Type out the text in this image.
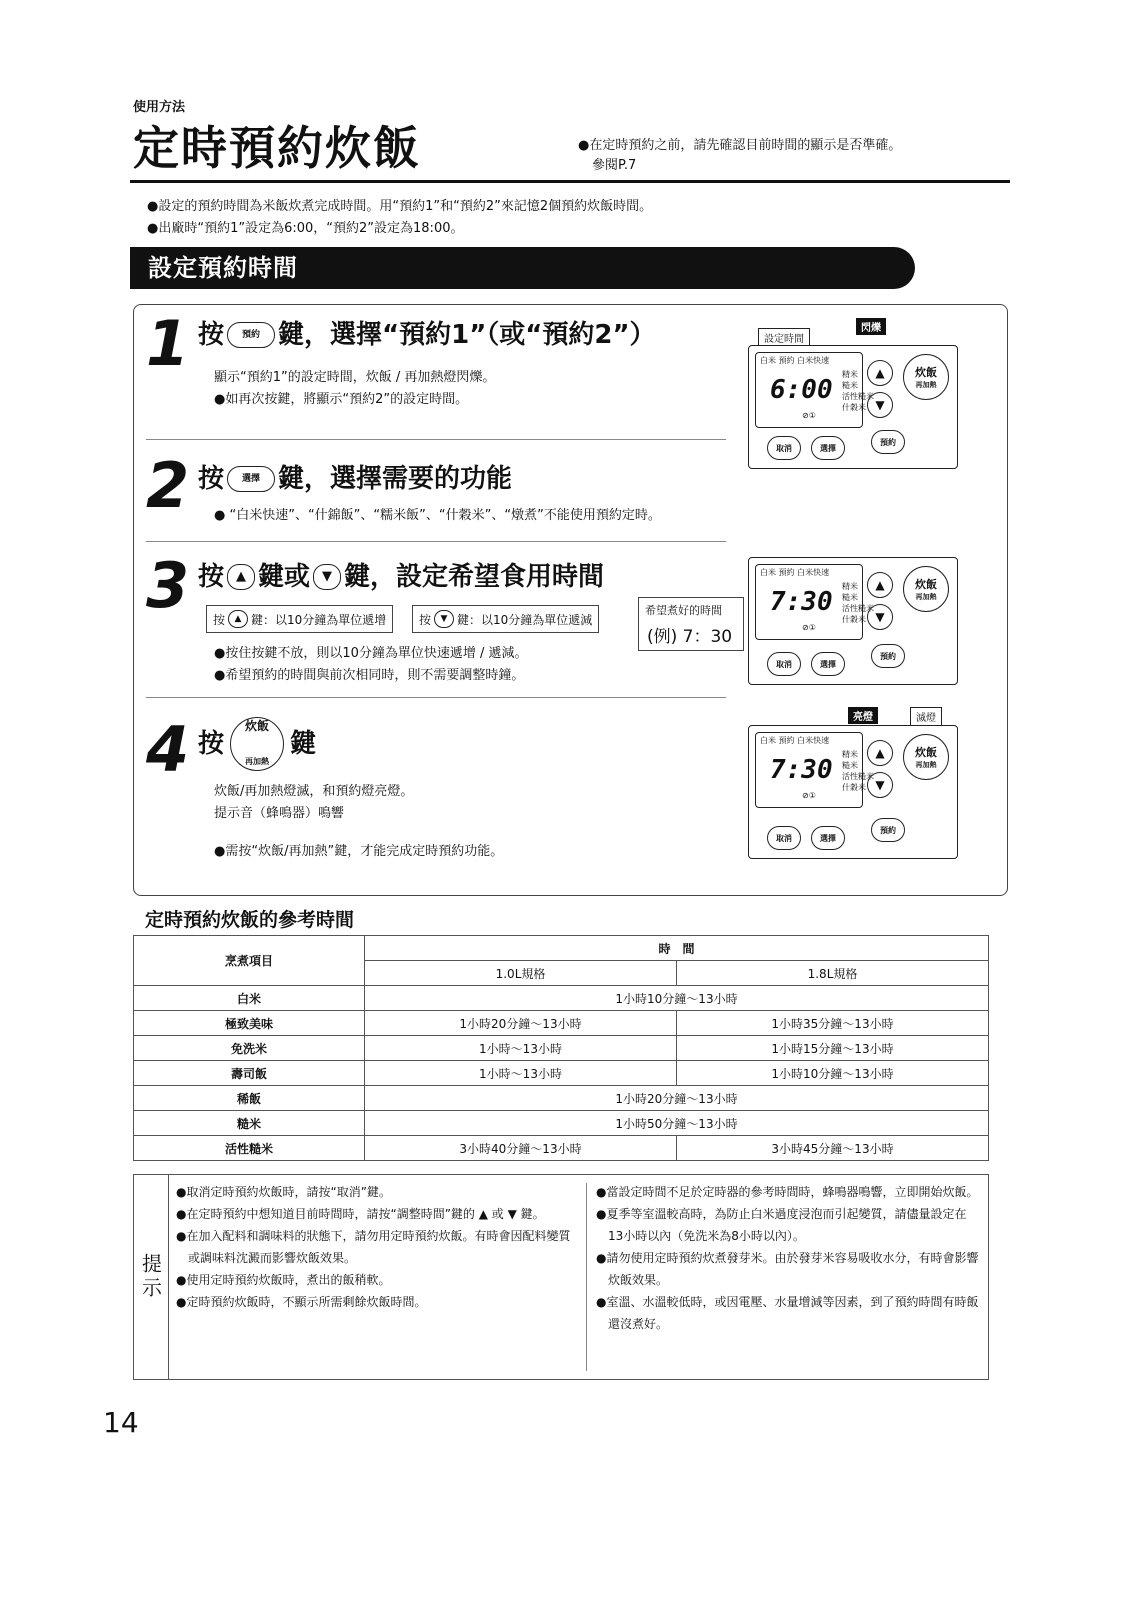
使用方法
定時預約炊飯	●在定時預約之前，請先確認目前時間的顯示是否準確。
參閱P.7
●設定的預約時間為米飯炊煮完成時間。用“預約1”和“預約2”來記憶2個預約炊飯時間。
●出廠時“預約1”設定為6:00，“預約2”設定為18:00。
設定預約時間
1 按	預約 鍵，選擇“預約1”（或“預約2”）
顯示“預約1”的設定時間，炊飯 / 再加熱燈閃爍。
●如再次按鍵，將顯示“預約2”的設定時間。
設定時間
閃爍
白米 預約 白米快速
6:00
⊘①
精米
糙米
活性糙米
什穀米
▲
▼
炊飯
再加熱
取消	選擇
預約
2 按	選擇 鍵，選擇需要的功能
● “白米快速”、“什錦飯”、“糯米飯”、“什穀米”、“燉煮”不能使用預約定時。
3 按 ▲ 鍵或 ▼ 鍵，設定希望食用時間
按	▲ 鍵：以10分鐘為單位遞增	按	▼ 鍵：以10分鐘為單位遞減
●按住按鍵不放，則以10分鐘為單位快速遞增 / 遞減。
●希望預約的時間與前次相同時，則不需要調整時鐘。
希望煮好的時間
(例) 7：30
白米 預約 白米快速
7:30
⊘①
精米
糙米
活性糙米
什穀米
▲
▼
炊飯
再加熱
取消	選擇
預約
4 按
炊飯
再加熱
鍵
炊飯/再加熱燈滅，和預約燈亮燈。
提示音（蜂鳴器）鳴響
●需按“炊飯/再加熱”鍵，才能完成定時預約功能。
亮燈	滅燈
白米 預約 白米快速
7:30
⊘①
精米
糙米
活性糙米
什穀米
▲
▼
炊飯
再加熱
取消	選擇
預約
定時預約炊飯的參考時間
烹煮項目	時　間	
	1.0L規格	1.8L規格
白米	1小時10分鐘～13小時	
極致美味	1小時20分鐘～13小時	1小時35分鐘～13小時
免洗米	1小時～13小時	1小時15分鐘～13小時
壽司飯	1小時～13小時	1小時10分鐘～13小時
稀飯	1小時20分鐘～13小時	
糙米	1小時50分鐘～13小時	
活性糙米	3小時40分鐘～13小時	3小時45分鐘～13小時
提示
●取消定時預約炊飯時，請按“取消”鍵。
●在定時預約中想知道目前時間時，請按“調整時間”鍵的 ▲ 或 ▼ 鍵。
●在加入配料和調味料的狀態下，請勿用定時預約炊飯。有時會因配料變質或調味料沈澱而影響炊飯效果。
●使用定時預約炊飯時，煮出的飯稍軟。
●定時預約炊飯時，不顯示所需剩餘炊飯時間。
●當設定時間不足於定時器的參考時間時，蜂鳴器鳴響，立即開始炊飯。
●夏季等室溫較高時，為防止白米過度浸泡而引起變質，請儘量設定在13小時以內（免洗米為8小時以內）。
●請勿使用定時預約炊煮發芽米。由於發芽米容易吸收水分，有時會影響炊飯效果。
●室溫、水溫較低時，或因電壓、水量增減等因素，到了預約時間有時飯還沒煮好。
14
